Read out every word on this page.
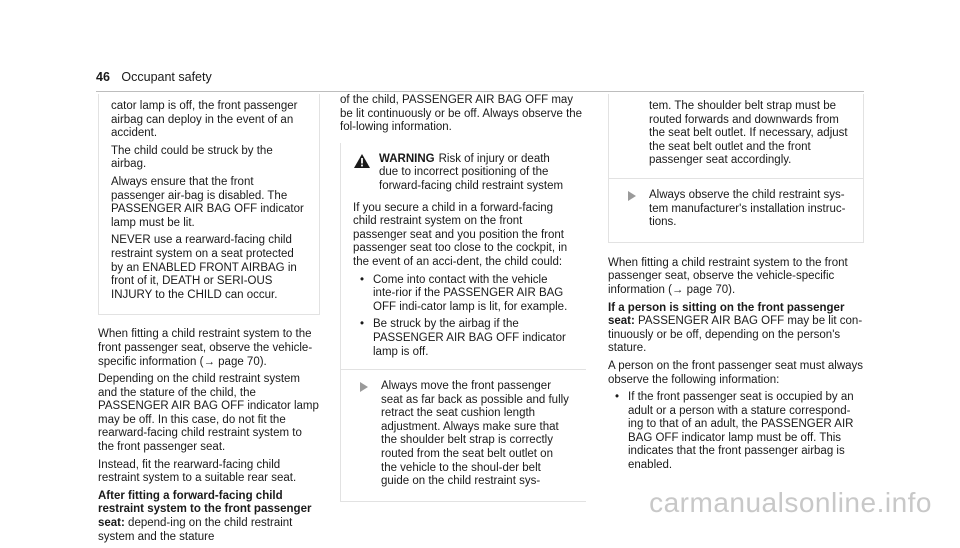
46 Occupant safety

cator lamp is off, the front passenger airbag can deploy in the event of an accident.

The child could be struck by the airbag.

Always ensure that the front passenger air-bag is disabled. The PASSENGER AIR BAG OFF indicator lamp must be lit.

NEVER use a rearward-facing child restraint system on a seat protected by an ENABLED FRONT AIRBAG in front of it, DEATH or SERI-OUS INJURY to the CHILD can occur.

When fitting a child restraint system to the front passenger seat, observe the vehicle-specific information (→ page 70).

Depending on the child restraint system and the stature of the child, the PASSENGER AIR BAG OFF indicator lamp may be off. In this case, do not fit the rearward-facing child restraint system to the front passenger seat.

Instead, fit the rearward-facing child restraint system to a suitable rear seat.

After fitting a forward-facing child restraint system to the front passenger seat: depend-ing on the child restraint system and the stature

of the child, PASSENGER AIR BAG OFF may be lit continuously or be off. Always observe the fol-lowing information.

WARNING Risk of injury or death due to incorrect positioning of the forward-facing child restraint system

If you secure a child in a forward-facing child restraint system on the front passenger seat and you position the front passenger seat too close to the cockpit, in the event of an acci-dent, the child could:

• Come into contact with the vehicle inte-rior if the PASSENGER AIR BAG OFF indi-cator lamp is lit, for example.
• Be struck by the airbag if the PASSENGER AIR BAG OFF indicator lamp is off.
Always move the front passenger seat as far back as possible and fully retract the seat cushion length adjustment. Always make sure that the shoulder belt strap is correctly routed from the seat belt outlet on the vehicle to the shoul-der belt guide on the child restraint sys-

tem. The shoulder belt strap must be routed forwards and downwards from the seat belt outlet. If necessary, adjust the seat belt outlet and the front passenger seat accordingly.

Always observe the child restraint sys-tem manufacturer's installation instruc-tions.

When fitting a child restraint system to the front passenger seat, observe the vehicle-specific information (→ page 70).

If a person is sitting on the front passenger seat: PASSENGER AIR BAG OFF may be lit con-tinuously or be off, depending on the person's stature.

A person on the front passenger seat must always observe the following information:

• If the front passenger seat is occupied by an adult or a person with a stature correspond-ing to that of an adult, the PASSENGER AIR BAG OFF indicator lamp must be off. This indicates that the front passenger airbag is enabled.
carmanualsonline.info
